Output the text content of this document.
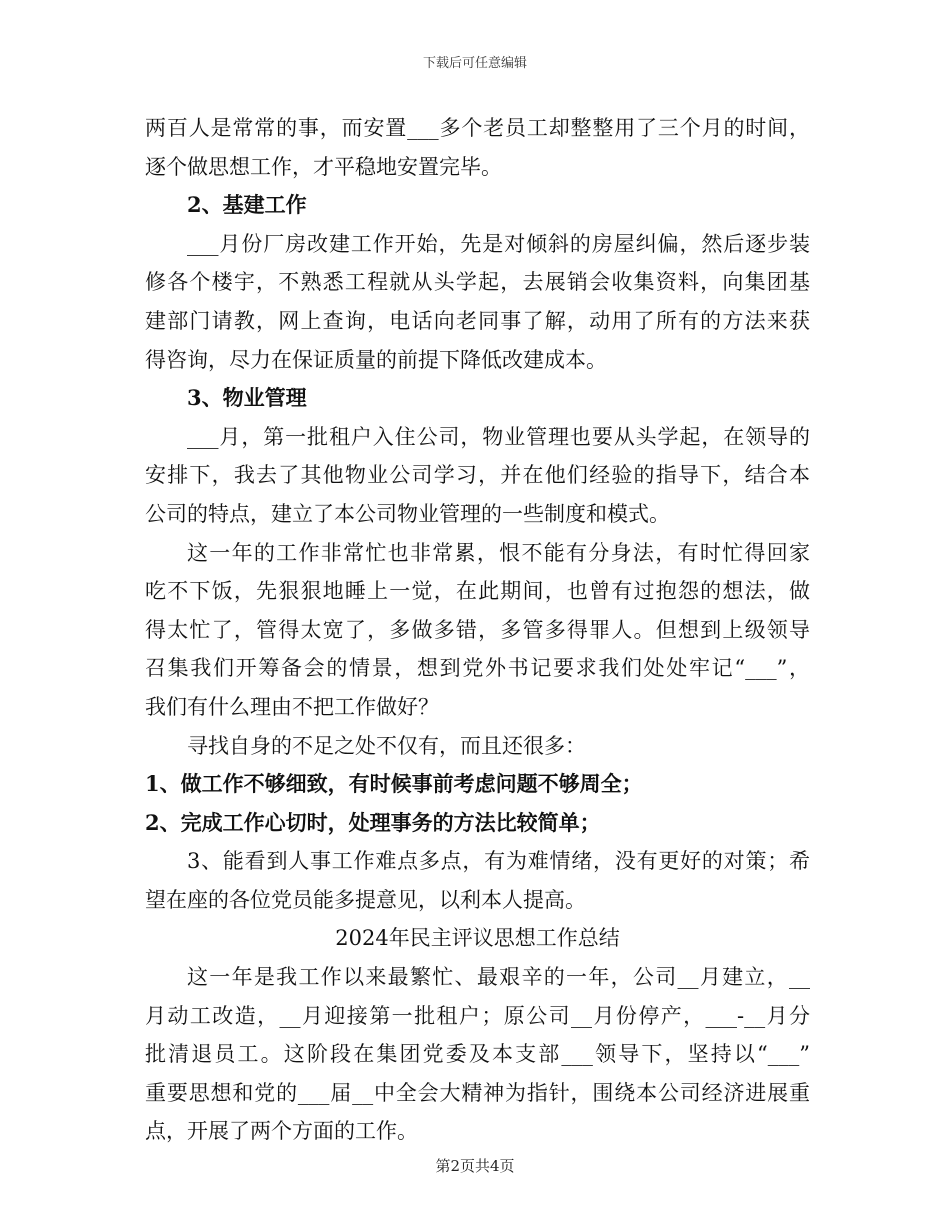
下载后可任意编辑
两百人是常常的事，而安置___多个老员工却整整用了三个月的时间，
逐个做思想工作，才平稳地安置完毕。
2、基建工作
___月份厂房改建工作开始，先是对倾斜的房屋纠偏，然后逐步装
修各个楼宇，不熟悉工程就从头学起，去展销会收集资料，向集团基
建部门请教，网上查询，电话向老同事了解，动用了所有的方法来获
得咨询，尽力在保证质量的前提下降低改建成本。
3、物业管理
___月，第一批租户入住公司，物业管理也要从头学起，在领导的
安排下，我去了其他物业公司学习，并在他们经验的指导下，结合本
公司的特点，建立了本公司物业管理的一些制度和模式。
这一年的工作非常忙也非常累，恨不能有分身法，有时忙得回家
吃不下饭，先狠狠地睡上一觉，在此期间，也曾有过抱怨的想法，做
得太忙了，管得太宽了，多做多错，多管多得罪人。但想到上级领导
召集我们开筹备会的情景，想到党外书记要求我们处处牢记“___”，
我们有什么理由不把工作做好？
寻找自身的不足之处不仅有，而且还很多：
1、做工作不够细致，有时候事前考虑问题不够周全；
2、完成工作心切时，处理事务的方法比较简单；
3、能看到人事工作难点多点，有为难情绪，没有更好的对策；希
望在座的各位党员能多提意见，以利本人提高。
2024年民主评议思想工作总结
这一年是我工作以来最繁忙、最艰辛的一年，公司__月建立，__
月动工改造，__月迎接第一批租户；原公司__月份停产，___-__月分
批清退员工。这阶段在集团党委及本支部___领导下，坚持以“___”
重要思想和党的___届__中全会大精神为指针，围绕本公司经济进展重
点，开展了两个方面的工作。
第2页共4页
